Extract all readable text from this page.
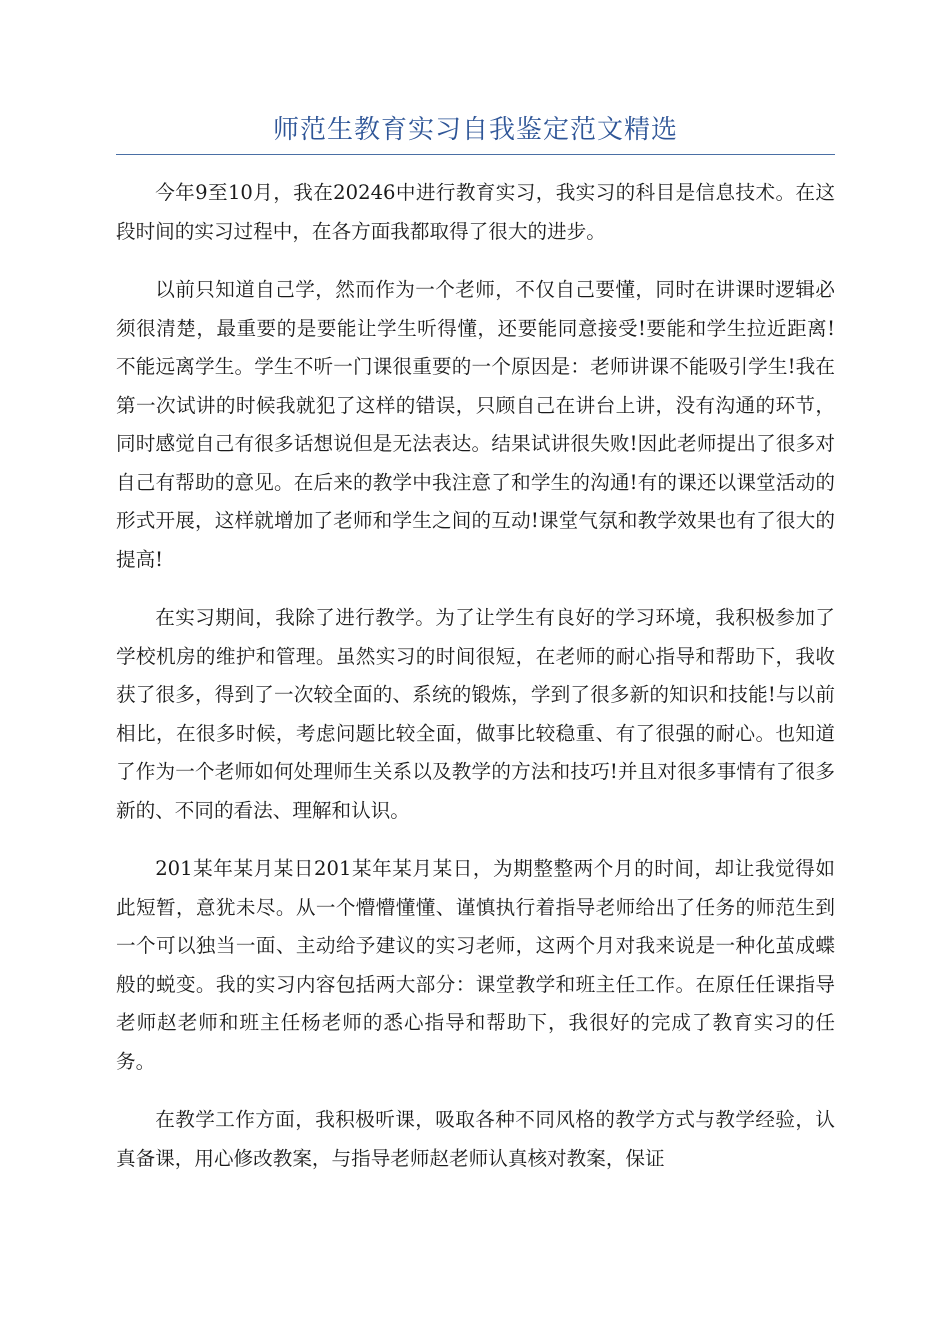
师范生教育实习自我鉴定范文精选

今年9至10月，我在20246中进行教育实习，我实习的科目是信息技术。在这段时间的实习过程中，在各方面我都取得了很大的进步。

以前只知道自己学，然而作为一个老师，不仅自己要懂，同时在讲课时逻辑必须很清楚，最重要的是要能让学生听得懂，还要能同意接受!要能和学生拉近距离!不能远离学生。学生不听一门课很重要的一个原因是：老师讲课不能吸引学生!我在第一次试讲的时候我就犯了这样的错误，只顾自己在讲台上讲，没有沟通的环节，同时感觉自己有很多话想说但是无法表达。结果试讲很失败!因此老师提出了很多对自己有帮助的意见。在后来的教学中我注意了和学生的沟通!有的课还以课堂活动的形式开展，这样就增加了老师和学生之间的互动!课堂气氛和教学效果也有了很大的提高!

在实习期间，我除了进行教学。为了让学生有良好的学习环境，我积极参加了学校机房的维护和管理。虽然实习的时间很短，在老师的耐心指导和帮助下，我收获了很多，得到了一次较全面的、系统的锻炼，学到了很多新的知识和技能!与以前相比，在很多时候，考虑问题比较全面，做事比较稳重、有了很强的耐心。也知道了作为一个老师如何处理师生关系以及教学的方法和技巧!并且对很多事情有了很多新的、不同的看法、理解和认识。

201某年某月某日201某年某月某日，为期整整两个月的时间，却让我觉得如此短暂，意犹未尽。从一个懵懵懂懂、谨慎执行着指导老师给出了任务的师范生到一个可以独当一面、主动给予建议的实习老师，这两个月对我来说是一种化茧成蝶般的蜕变。我的实习内容包括两大部分：课堂教学和班主任工作。在原任任课指导老师赵老师和班主任杨老师的悉心指导和帮助下，我很好的完成了教育实习的任务。

在教学工作方面，我积极听课，吸取各种不同风格的教学方式与教学经验，认真备课，用心修改教案，与指导老师赵老师认真核对教案，保证
